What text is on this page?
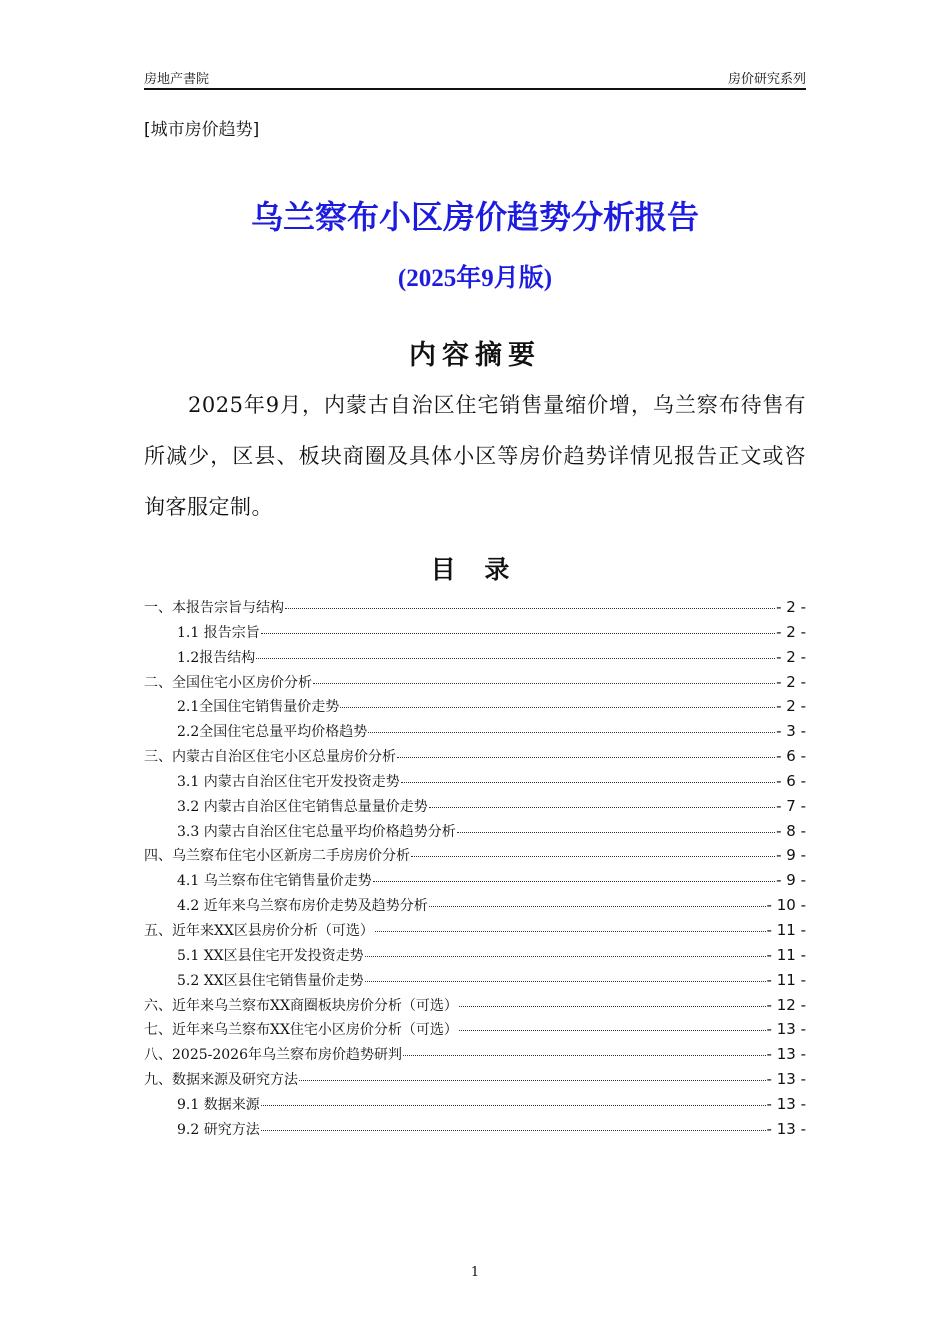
房地产書院	房价研究系列
[城市房价趋势]
乌兰察布小区房价趋势分析报告
(2025年9月版)
内容摘要
2025年9月，内蒙古自治区住宅销售量缩价增，乌兰察布待售有所减少，区县、板块商圈及具体小区等房价趋势详情见报告正文或咨询客服定制。
目 录
一、本报告宗旨与结构	- 2 -
1.1 报告宗旨	- 2 -
1.2报告结构	- 2 -
二、全国住宅小区房价分析	- 2 -
2.1全国住宅销售量价走势	- 2 -
2.2全国住宅总量平均价格趋势	- 3 -
三、内蒙古自治区住宅小区总量房价分析	- 6 -
3.1 内蒙古自治区住宅开发投资走势	- 6 -
3.2 内蒙古自治区住宅销售总量量价走势	- 7 -
3.3 内蒙古自治区住宅总量平均价格趋势分析	- 8 -
四、乌兰察布住宅小区新房二手房房价分析	- 9 -
4.1 乌兰察布住宅销售量价走势	- 9 -
4.2 近年来乌兰察布房价走势及趋势分析	- 10 -
五、近年来XX区县房价分析（可选）	- 11 -
5.1 XX区县住宅开发投资走势	- 11 -
5.2 XX区县住宅销售量价走势	- 11 -
六、近年来乌兰察布XX商圈板块房价分析（可选）	- 12 -
七、近年来乌兰察布XX住宅小区房价分析（可选）	- 13 -
八、2025-2026年乌兰察布房价趋势研判	- 13 -
九、数据来源及研究方法	- 13 -
9.1 数据来源	- 13 -
9.2 研究方法	- 13 -
1
